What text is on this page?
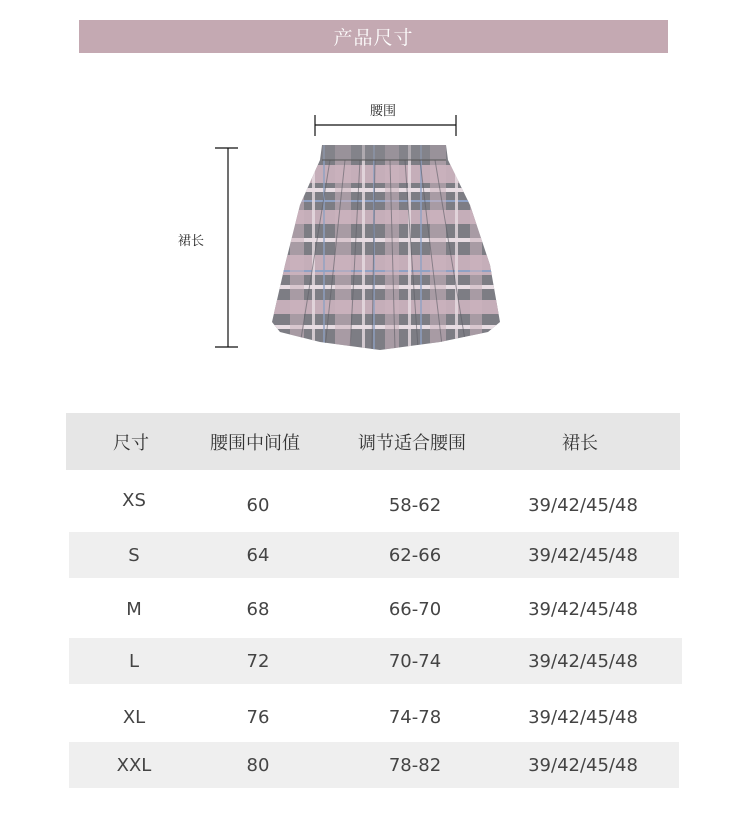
产品尺寸
腰围
裙长
尺寸	腰围中间值	调节适合腰围	裙长
XS	60	58-62	39/42/45/48
S	64	62-66	39/42/45/48
M	68	66-70	39/42/45/48
L	72	70-74	39/42/45/48
XL	76	74-78	39/42/45/48
XXL	80	78-82	39/42/45/48
